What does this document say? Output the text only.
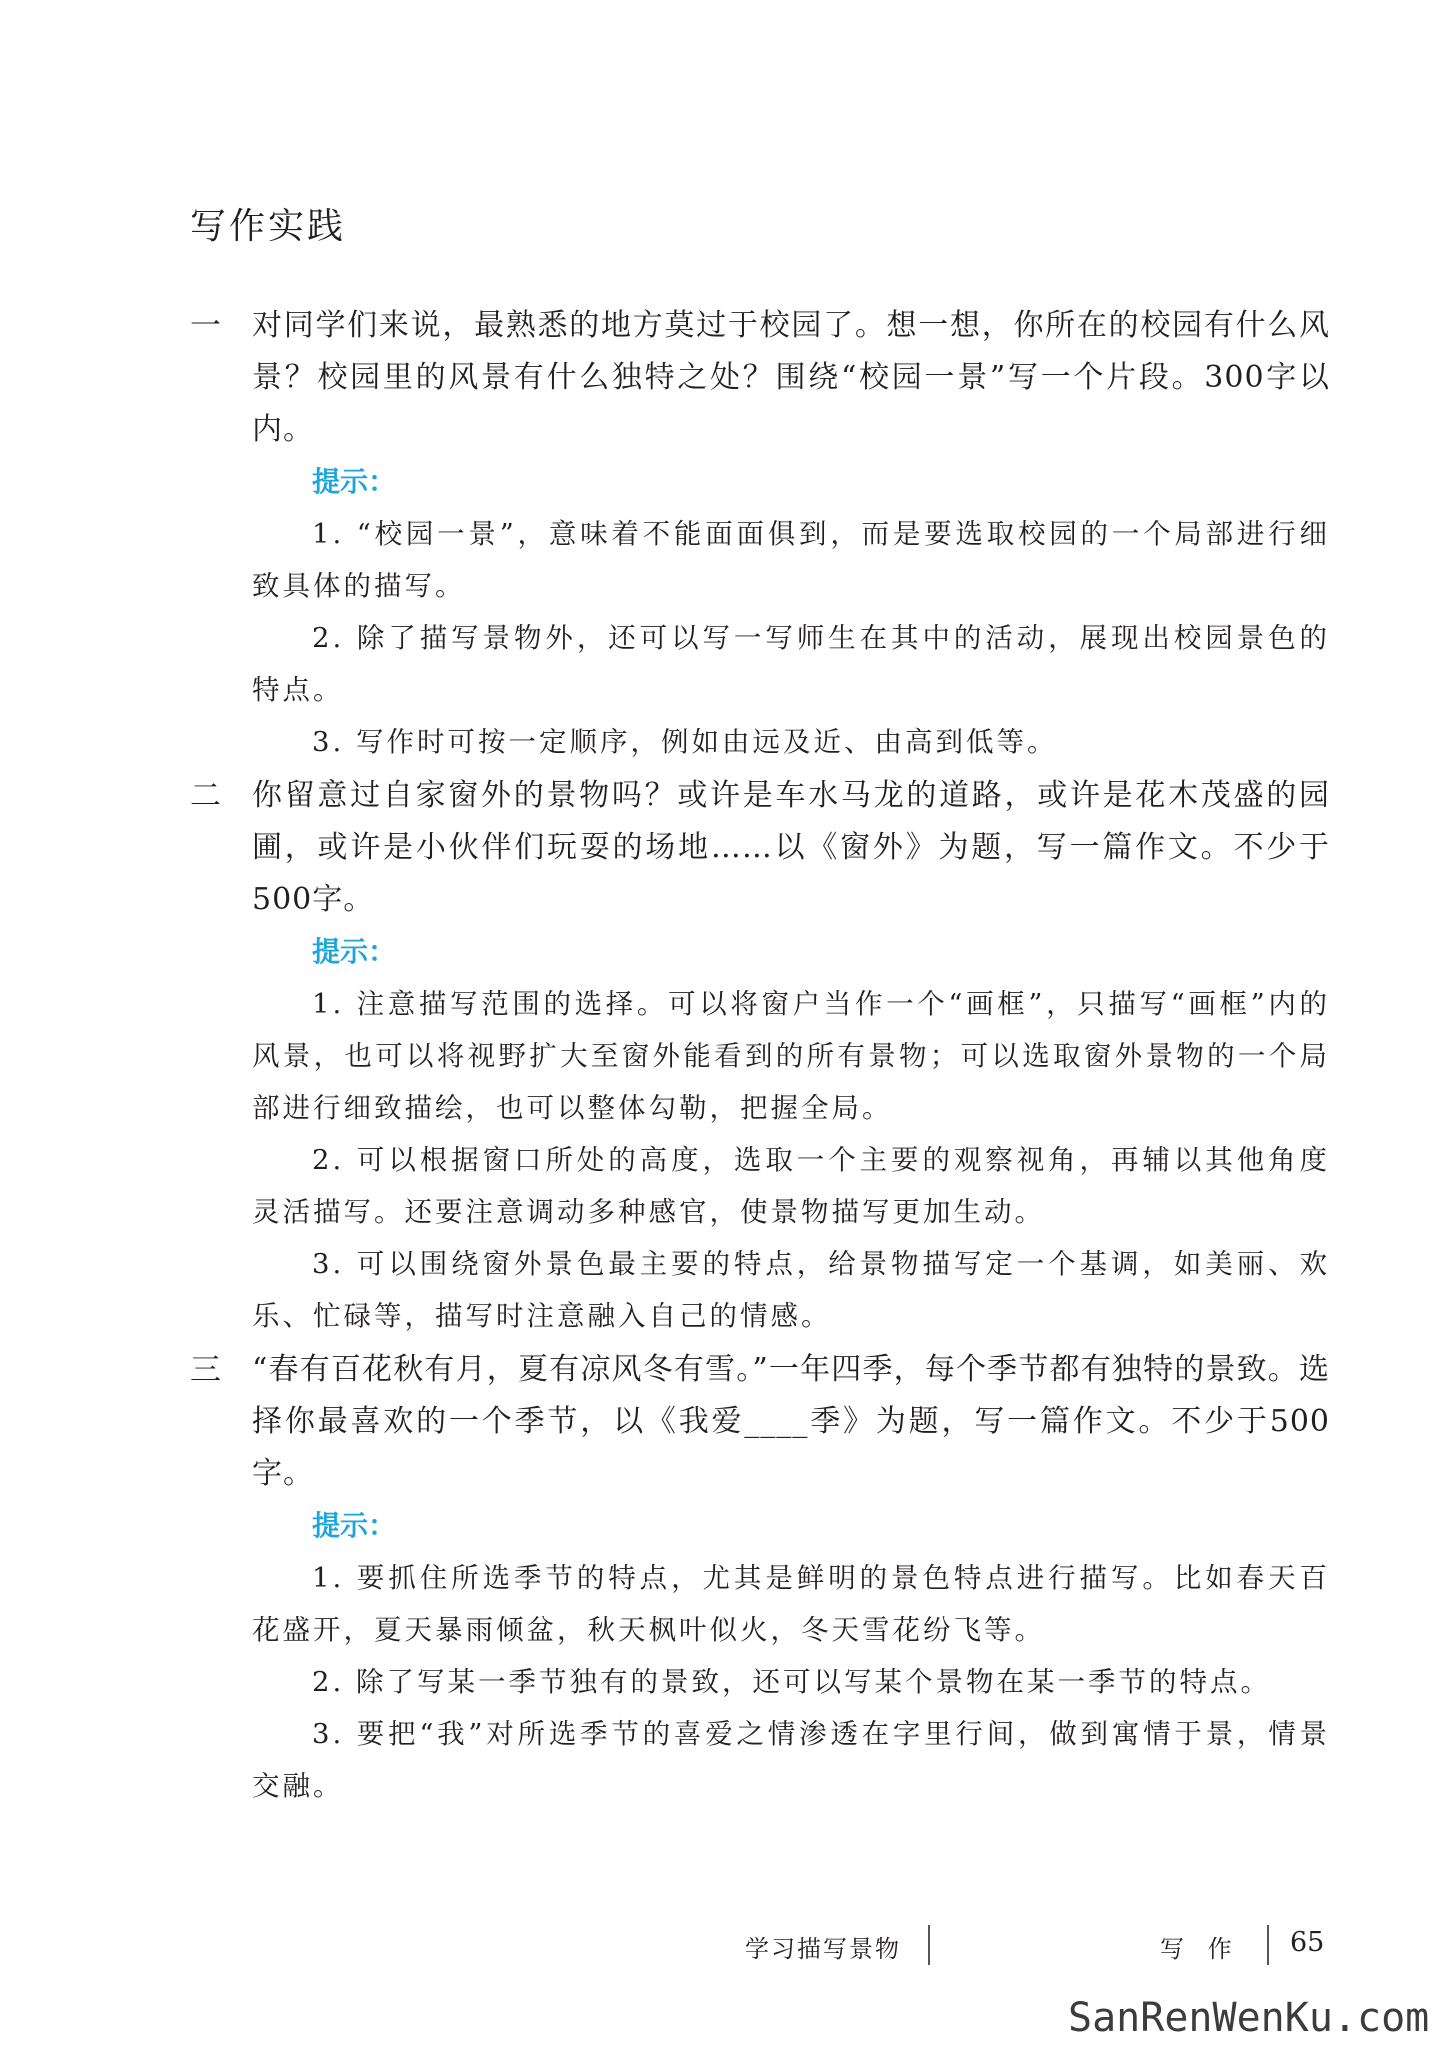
写作实践
一 对同学们来说，最熟悉的地方莫过于校园了。想一想，你所在的校园有什么风景？校园里的风景有什么独特之处？围绕“校园一景”写一个片段。300字以内。
提示：
1. “校园一景”，意味着不能面面俱到，而是要选取校园的一个局部进行细致具体的描写。
2. 除了描写景物外，还可以写一写师生在其中的活动，展现出校园景色的特点。
3. 写作时可按一定顺序，例如由远及近、由高到低等。
二 你留意过自家窗外的景物吗？或许是车水马龙的道路，或许是花木茂盛的园圃，或许是小伙伴们玩耍的场地……以《窗外》为题，写一篇作文。不少于500字。
提示：
1. 注意描写范围的选择。可以将窗户当作一个“画框”，只描写“画框”内的风景，也可以将视野扩大至窗外能看到的所有景物；可以选取窗外景物的一个局部进行细致描绘，也可以整体勾勒，把握全局。
2. 可以根据窗口所处的高度，选取一个主要的观察视角，再辅以其他角度灵活描写。还要注意调动多种感官，使景物描写更加生动。
3. 可以围绕窗外景色最主要的特点，给景物描写定一个基调，如美丽、欢乐、忙碌等，描写时注意融入自己的情感。
三 “春有百花秋有月，夏有凉风冬有雪。”一年四季，每个季节都有独特的景致。选择你最喜欢的一个季节，以《我爱____季》为题，写一篇作文。不少于500字。
提示：
1. 要抓住所选季节的特点，尤其是鲜明的景色特点进行描写。比如春天百花盛开，夏天暴雨倾盆，秋天枫叶似火，冬天雪花纷飞等。
2. 除了写某一季节独有的景致，还可以写某个景物在某一季节的特点。
3. 要把“我”对所选季节的喜爱之情渗透在字里行间，做到寓情于景，情景交融。
学习描写景物	写 作 65
SanRenWenKu.com
